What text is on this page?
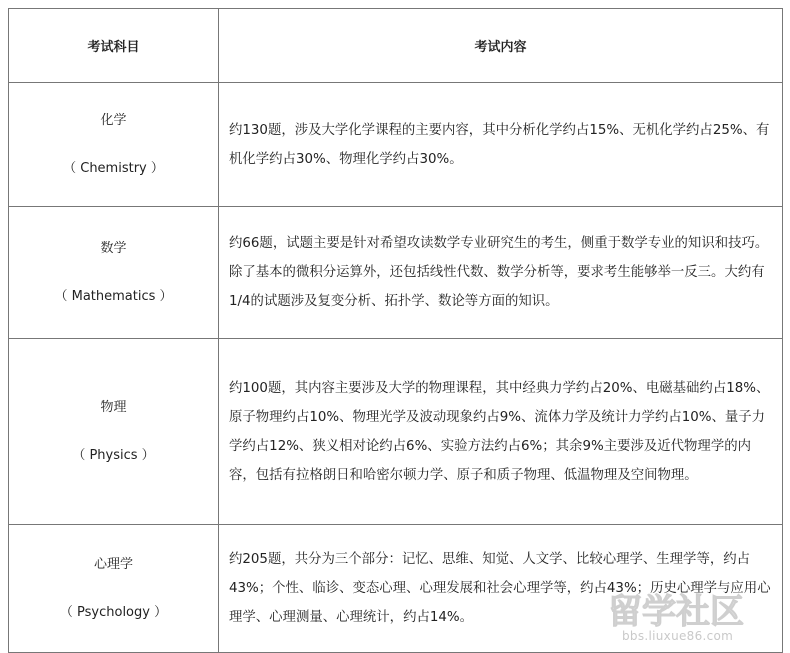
考试科目	考试内容

化学
（ Chemistry ）	约130题，涉及大学化学课程的主要内容，其中分析化学约占15%、无机化学约占25%、有机化学约占30%、物理化学约占30%。

数学
（ Mathematics ）	约66题，试题主要是针对希望攻读数学专业研究生的考生，侧重于数学专业的知识和技巧。除了基本的微积分运算外，还包括线性代数、数学分析等，要求考生能够举一反三。大约有1/4的试题涉及复变分析、拓扑学、数论等方面的知识。

物理
（ Physics ）	约100题，其内容主要涉及大学的物理课程，其中经典力学约占20%、电磁基础约占18%、原子物理约占10%、物理光学及波动现象约占9%、流体力学及统计力学约占10%、量子力学约占12%、狭义相对论约占6%、实验方法约占6%；其余9%主要涉及近代物理学的内容，包括有拉格朗日和哈密尔顿力学、原子和质子物理、低温物理及空间物理。

心理学
（ Psychology ）	约205题，共分为三个部分：记忆、思维、知觉、人文学、比较心理学、生理学等，约占43%；个性、临诊、变态心理、心理发展和社会心理学等，约占43%；历史心理学与应用心理学、心理测量、心理统计，约占14%。	留学社区
bbs.liuxue86.com
